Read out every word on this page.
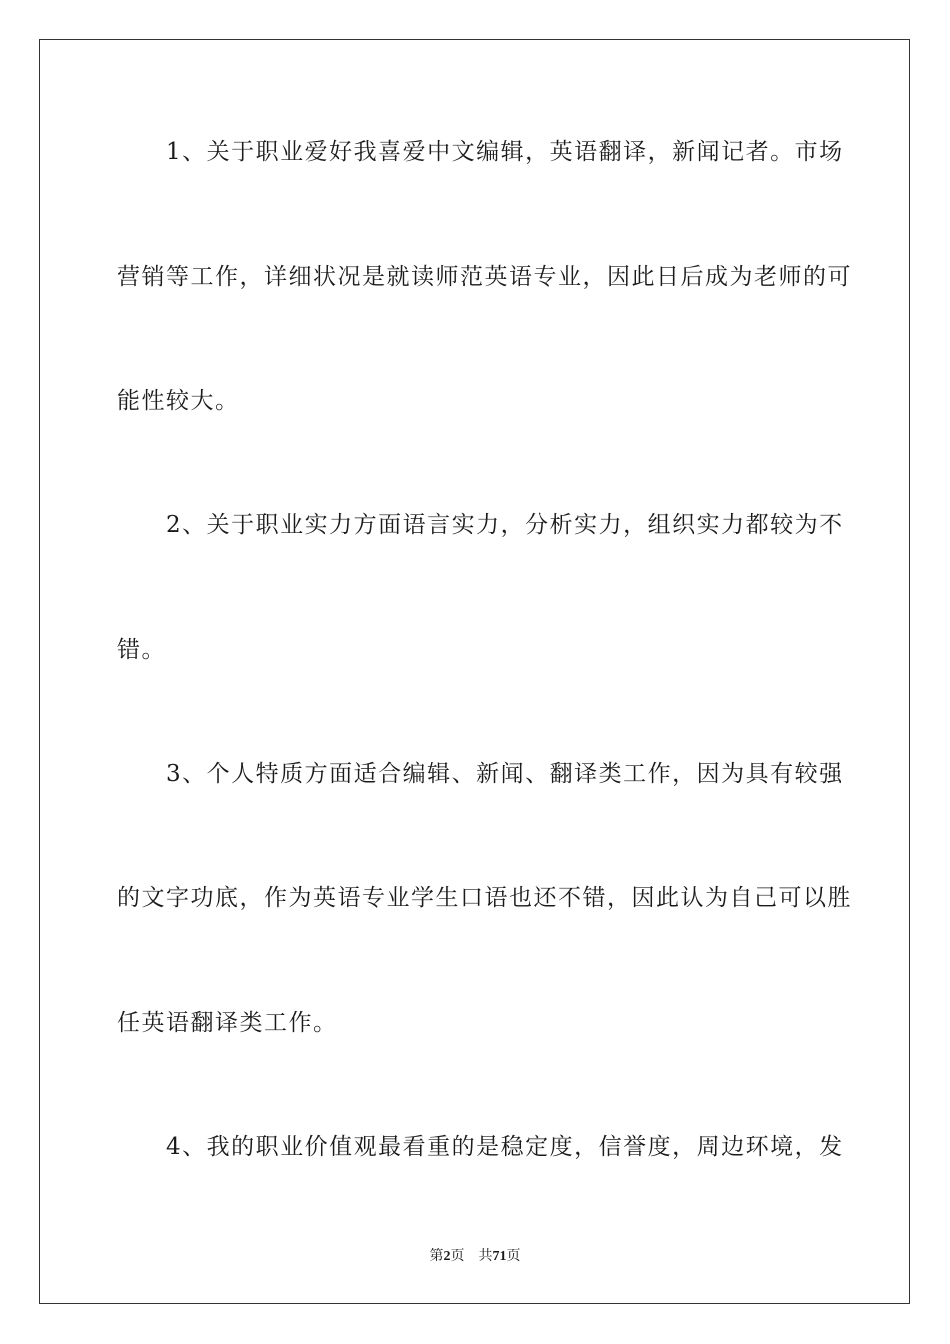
　　1、关于职业爱好我喜爱中文编辑，英语翻译，新闻记者。市场
营销等工作，详细状况是就读师范英语专业，因此日后成为老师的可
能性较大。
　　2、关于职业实力方面语言实力，分析实力，组织实力都较为不
错。
　　3、个人特质方面适合编辑、新闻、翻译类工作，因为具有较强
的文字功底，作为英语专业学生口语也还不错，因此认为自己可以胜
任英语翻译类工作。
　　4、我的职业价值观最看重的是稳定度，信誉度，周边环境，发
第2页 共71页
